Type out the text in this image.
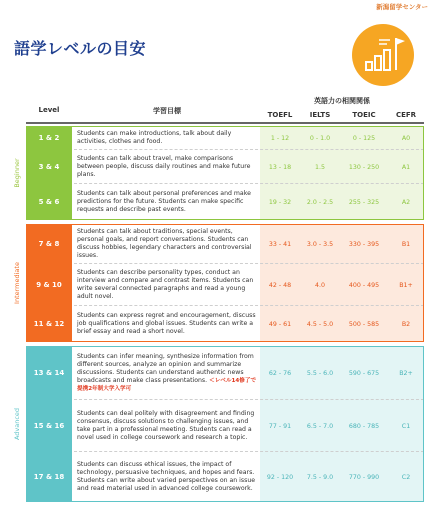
新潟留学センター
語学レベルの目安
Level	学習目標
英語力の相関関係
TOEFL	IELTS	TOEIC	CEFR
Beginner
1 & 2
Students can make introductions, talk about daily activities, clothes and food.	1 - 12	0 - 1.0	0 - 125	A0
3 & 4
Students can talk about travel, make comparisons between people, discuss daily routines and make future plans.
13 - 18	1.5	130 - 250	A1
5 & 6
Students can talk about personal preferences and make predictions for the future. Students can make specific requests and describe past events.
19 - 32	2.0 - 2.5	255 - 325	A2
Intermediate
7 & 8
Students can talk about traditions, special events, personal goals, and report conversations. Students can discuss hobbies, legendary characters and controversial issues.
33 - 41	3.0 - 3.5	330 - 395	B1
9 & 10
Students can describe personality types, conduct an interview and compare and contrast items. Students can write several connected paragraphs and read a young adult novel.
42 - 48	4.0	400 - 495	B1+
11 & 12
Students can express regret and encouragement, discuss job qualifications and global issues. Students can write a brief essay and read a short novel.
49 - 61	4.5 - 5.0	500 - 585	B2
Advanced
13 & 14
Students can infer meaning, synthesize information from different sources, analyze an opinion and summarize discussions. Students can understand authentic news broadcasts and make class presentations. ＜レベル14修了で提携2年制大学入学可
62 - 76	5.5 - 6.0	590 - 675	B2+
15 & 16
Students can deal politely with disagreement and finding consensus, discuss solutions to challenging issues, and take part in a professional meeting. Students can read a novel used in college coursework and research a topic.
77 - 91	6.5 - 7.0	680 - 785	C1
17 & 18
Students can discuss ethical issues, the impact of technology, persuasive techniques, and hopes and fears. Students can write about varied perspectives on an issue and read material used in advanced college coursework.
92 - 120	7.5 - 9.0	770 - 990	C2
